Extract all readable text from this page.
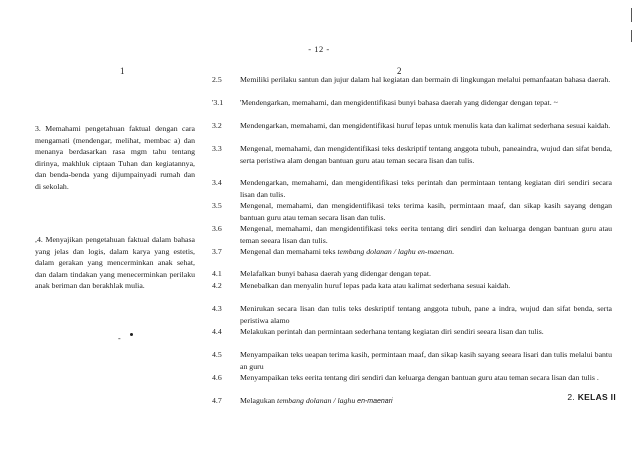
- 12 -
1	2
3. Memahami pengetahuan faktual dengan cara mengamati (mendengar, melihat, membac a) dan menanya berdasarkan rasa mgm tahu tentang dirinya, makhluk ciptaan Tuhan dan kegiatannya, dan benda-benda yang dijumpainyadi rumah dan di sekolah.
,4. Menyajikan pengetahuan faktual dalam bahasa yang jelas dan logis, dalam karya yang estetis, dalam gerakan yang mencerminkan anak sehat, dan dalam tindakan yang menecerminkan perilaku anak beriman dan berakhlak mulia.
-
2.5	Memiliki perilaku santun dan jujur dalam hal kegiatan dan bermain di lingkungan melalui pemanfaatan bahasa daerah.
'3.1	'Mendengarkan, memahami, dan mengidentifikasi bunyi bahasa daerah yang didengar dengan tepat. ~
3.2	Mendengarkan, memahami, dan mengidentifikasi huruf lepas untuk menulis kata dan kalimat sederhana sesuai kaidah.
3.3	Mengenal, memahami, dan mengidentifikasi teks deskriptif tentang anggota tubuh, paneaindra, wujud dan sifat benda, serta peristiwa alam dengan bantuan guru atau teman secara lisan dan tulis.
3.4	Mendengarkan, memahami, dan mengidentifikasi teks perintah dan permintaan tentang kegiatan diri sendiri secara lisan dan tulis.
3.5	Mengenal, memahami, dan mengidentifikasi teks terima kasih, permintaan maaf, dan sikap kasih sayang dengan bantuan guru atau teman secara lisan dan tulis.
3.6	Mengenal, memahami, dan mengidentifikasi teks eerita tentang diri sendiri dan keluarga dengan bantuan guru atau teman seeara lisan dan tulis.
3.7	Mengenal dan memahami teks tembang dolanan / laghu en-maenan.
4.1	Melafalkan bunyi bahasa daerah yang didengar dengan tepat.
4.2	Menebalkan dan menyalin huruf lepas pada kata atau kalimat sederhana sesuai kaidah.
4.3	Menirukan secara lisan dan tulis teks deskriptif tentang anggota tubuh, pane a indra, wujud dan sifat benda, serta peristiwa alamo
4.4	Melakukan perintah dan permintaan sederhana tentang kegiatan diri sendiri seeara lisan dan tulis.
4.5	Menyampaikan teks ueapan terima kasih, permintaan maaf, dan sikap kasih sayang seeara lisari dan tulis melalui bantu an guru
4.6	Menyampaikan teks eerita tentang diri sendiri dan keluarga dengan bantuan guru atau teman secara lisan dan tulis .
4.7	Melagukan tembang dolanan / laghu en-maenari	2. KELAS Il
